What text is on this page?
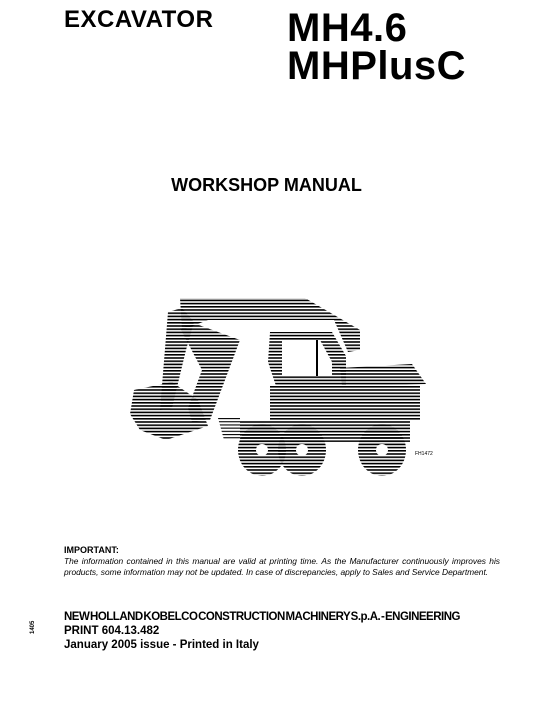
EXCAVATOR MH4.6
MHPlusC
WORKSHOP MANUAL
FH1472
IMPORTANT:
The information contained in this manual are valid at printing time. As the Manufacturer continuously improves his products, some information may not be updated. In case of discrepancies, apply to Sales and Service Department.
NEW HOLLAND KOBELCO CONSTRUCTION MACHINERY S.p.A. - ENGINEERING
PRINT 604.13.482
January 2005 issue - Printed in Italy
1405
